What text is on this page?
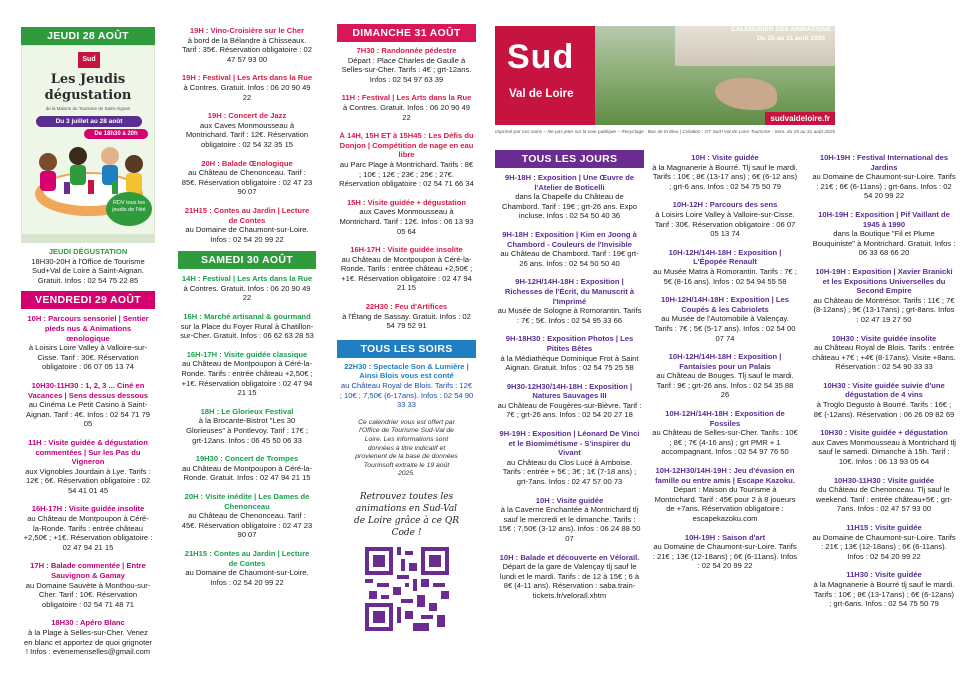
JEUDI 28 AOÛT
Sud
Les Jeudis
dégustation
de la Maison du Tourisme de Saint-Aignan
Du 3 juillet au 28 août
De 18h30 à 20h
RDV tous les jeudis de l'été
JEUDI DÉGUSTATION
18H30-20H à l'Office de Tourisme
Sud+Val de Loire à Saint-Aignan.
Gratuit. Infos : 02 54 75 22 85
VENDREDI 29 AOÛT
10H : Parcours sensoriel | Sentier pieds nus & Animations œnologique
à Loisirs Loire Valley à Valloire-sur-Cisse. Tarif : 30€. Réservation obligatoire : 06 07 05 13 74
10H30-11H30 : 1, 2, 3 ... Ciné en Vacances | Sens dessus dessous
au Cinéma Le Petit Casino à Saint-Aignan. Tarif : 4€. Infos : 02 54 71 79 05
11H : Visite guidée & dégustation commentées | Sur les Pas du Vigneron
aux Vignobles Jourdain à Lye. Tarifs : 12€ ; 6€. Réservation obligatoire : 02 54 41 01 45
16H-17H : Visite guidée insolite
au Château de Montpoupon à Céré-la-Ronde. Tarifs : entrée château +2,50€ ; +1€. Réservation obligatoire : 02 47 94 21 15
17H : Balade commentée | Entre Sauvignon & Gamay
au Domaine Sauvète à Monthou-sur-Cher. Tarif : 10€. Réservation obligatoire : 02 54 71 48 71
18H30 : Apéro Blanc
à la Plage à Selles-sur-Cher. Venez en blanc et apportez de quoi grignoter ! Infos : evenemenselles@gmail.com
19H : Vino-Croisière sur le Cher
à bord de la Bélandre à Chisseaux. Tarif : 35€. Réservation obligatoire : 02 47 57 93 00
19H : Festival | Les Arts dans la Rue
à Contres. Gratuit. Infos : 06 20 90 49 22
19H : Concert de Jazz
aux Caves Monmousseau à Montrichard. Tarif : 12€. Réservation obligatoire : 02 54 32 35 15
20H : Balade Œnologique
au Château de Chenonceau. Tarif : 85€. Réservation obligatoire : 02 47 23 90 07
21H15 : Contes au Jardin | Lecture de Contes
au Domaine de Chaumont-sur-Loire. Infos : 02 54 20 99 22
SAMEDI 30 AOÛT
14H : Festival | Les Arts dans la Rue
à Contres. Gratuit. Infos : 06 20 90 49 22
16H : Marché artisanal & gourmand
sur la Place du Foyer Rural à Chatillon-sur-Cher. Gratuit. Infos : 06 62 63 28 53
16H-17H : Visite guidée classique
au Château de Montpoupon à Céré-la-Ronde. Tarifs : entrée château +2,50€ ; +1€. Réservation obligatoire : 02 47 94 21 15
18H : Le Glorieux Festival
à la Brocante-Bistrot "Les 30 Glorieuses" à Pontlevoy. Tarif : 17€ ; grt-12ans. Infos : 06 45 50 06 33
19H30 : Concert de Trompes
au Château de Montpoupon à Céré-la-Ronde. Gratuit. Infos : 02 47 94 21 15
20H : Visite inédite | Les Dames de Chenonceau
au Château de Chenonceau. Tarif : 45€. Réservation obligatoire : 02 47 23 90 07
21H15 : Contes au Jardin | Lecture de Contes
au Domaine de Chaumont-sur-Loire. Infos : 02 54 20 99 22
DIMANCHE 31 AOÛT
7H30 : Randonnée pédestre
Départ : Place Charles de Gaulle à Selles-sur-Cher. Tarifs : 4€ ; grt-12ans. Infos : 02 54 97 63 39
11H : Festival | Les Arts dans la Rue
à Contres. Gratuit. Infos : 06 20 90 49 22
À 14H, 15H ET à 15H45 : Les Défis du Donjon | Compétition de nage en eau libre
au Parc Plage à Montrichard. Tarifs : 8€ ; 10€ ; 12€ ; 23€ ; 25€ ; 27€. Réservation obligatoire : 02 54 71 66 34
15H : Visite guidée + dégustation
aux Caves Monmousseau à Montrichard. Tarif : 12€. Infos : 06 13 93 05 64
16H-17H : Visite guidée insolite
au Château de Montpoupon à Céré-la-Ronde. Tarifs : entrée château +2,50€ ; +1€. Réservation obligatoire : 02 47 94 21 15
22H30 : Feu d'Artifices
à l'Étang de Sassay. Gratuit. Infos : 02 54 79 52 91
TOUS LES SOIRS
22H30 : Spectacle Son & Lumière | Ainsi Blois vous est conté
au Château Royal de Blois. Tarifs : 12€ ; 10€ ; 7,50€ (6-17ans). Infos : 02 54 90 33 33
Ce calendrier vous est offert par l'Office de Tourisme Sud-Val de Loire. Les informations sont données à titre indicatif et provienent de la base de données Tourinsoft extraite le 19 août 2025.
Retrouvez toutes les animations en Sud-Val de Loire grâce à ce QR Code !
Sud
Val de Loire
CALENDRIER DES ANIMATIONS
Du 25 au 31 août 2025
sudvaldeloire.fr
Imprimé par nos soins – Ne pas jeter sur la voie publique – Recyclage : Bac de tri bleu | Création : OT Sud+Val de Loire Tourisme - Sem. du 25 au 31 août 2025
TOUS LES JOURS
9H-18H : Exposition | Une Œuvre de l'Atelier de Boticelli
dans la Chapelle du Château de Chambord. Tarif : 19€ ; grt-26 ans. Expo incluse. Infos : 02 54 50 40 36
9H-18H : Exposition | Kim en Joong à Chambord - Couleurs de l'Invisible
au Château de Chambord. Tarif : 19€ grt-26 ans. Infos : 02 54 50 50 40
9H-12H/14H-18H : Exposition | Richesses de l'Écrit, du Manuscrit à l'Imprimé
au Musée de Sologne à Romorantin. Tarifs : 7€ ; 5€. Infos : 02 54 95 33 66
9H-18H30 : Exposition Photos | Les Pitites Bêtes
à la Médiathèque Dominique Frot à Saint Aignan. Gratuit. Infos : 02 54 75 25 58
9H30-12H30/14H-18H : Exposition | Natures Sauvages III
au Château de Fougères-sur-Bièvre. Tarif : 7€ ; grt-26 ans. Infos : 02 54 20 27 18
9H-19H : Exposition | Léonard De Vinci et le Biomimétisme - S'inspirer du Vivant
au Château du Clos Lucé à Amboise. Tarifs : entrée + 5€ ; 3€ ; 1€ (7-18 ans) ; grt-7ans. Infos : 02 47 57 00 73
10H : Visite guidée
à la Caverne Enchantée à Montrichard tlj sauf le mercredi et le dimanche. Tarifs : 15€ ; 7,50€ (3-12 ans). Infos : 06 24 88 50 07
10H : Balade et découverte en Véloraïl.
Départ de la gare de Valençay tlj sauf le lundi et le mardi. Tarifs : de 12 à 15€ ; 6 à 8€ (4-11 ans). Réservation : saba.train-tickets.fr/veloraïl.xhtm
10H : Visite guidée
à la Magnanerie à Bourré. Tlj sauf le mardi. Tarifs : 10€ ; 8€ (13-17 ans) ; 6€ (6-12 ans) ; grt-6 ans. Infos : 02 54 75 50 79
10H-12H : Parcours des sens
à Loisirs Loire Valley à Valloire-sur-Cisse. Tarif : 30€. Réservation obligatoire : 06 07 05 13 74
10H-12H/14H-18H : Exposition | L'Épopée Renault
au Musée Matra à Romorantin. Tarifs : 7€ ; 5€ (8-16 ans). Infos : 02 54 94 55 58
10H-12H/14H-18H : Exposition | Les Coupés & les Cabriolets
au Musée de l'Automobile à Valençay. Tarifs : 7€ ; 5€ (5-17 ans). Infos : 02 54 00 07 74
10H-12H/14H-18H : Exposition | Fantaisies pour un Palais
au Château de Bouges. Tlj sauf le mardi. Tarif : 9€ ; grt-26 ans. Infos : 02 54 35 88 26
10H-12H/14H-18H : Exposition de Fossiles
au Château de Selles-sur-Cher. Tarifs : 10€ ; 8€ ; 7€ (4-16 ans) ; grt PMR + 1 accompagnant. Infos : 02 54 97 76 50
10H-12H30/14H-19H : Jeu d'évasion en famille ou entre amis | Escape Kazoku.
Départ : Maison du Tourisme à Montrichard. Tarif : 45€ pour 2 à 8 joueurs de +7ans. Réservation obligatoire : escapekazoku.com
10H-19H : Saison d'art
au Domaine de Chaumont-sur-Loire. Tarifs : 21€ ; 13€ (12-18ans) ; 6€ (6-11ans). Infos : 02 54 20 99 22
10H-19H : Festival International des Jardins
au Domaine de Chaumont-sur-Loire. Tarifs : 21€ ; 6€ (6-11ans) ; grt-6ans. Infos : 02 54 20 99 22
10H-19H : Exposition | Pif Vaillant de 1945 à 1990
dans la Boutique "Fil et Plume Bouquiniste" à Montrichard. Gratuit. Infos : 06 33 68 66 20
10H-19H : Exposition | Xavier Branicki et les Expositions Universelles du Second Empire
au Château de Montrésor. Tarifs : 11€ ; 7€ (8-12ans) ; 9€ (13-17ans) ; grt-8ans. Infos : 02 47 19 27 50
10H30 : Visite guidée insolite
au Château Royal de Blois. Tarifs : entrée château +7€ ; +4€ (8-17ans). Visite +8ans. Réservation : 02 54 90 33 33
10H30 : Visite guidée suivie d'une dégustation de 4 vins
à Troglo Degusto à Bourré. Tarifs : 16€ ; 8€ (-12ans). Réservation : 06 26 09 82 69
10H30 : Visite guidée + dégustation
aux Caves Monmousseau à Montrichard tlj sauf le samedi. Dimanche à 15h. Tarif : 10€. Infos : 06 13 93 05 64
10H30-11H30 : Visite guidée
du Château de Chenonceau. Tlj sauf le weekend. Tarif : entrée château+5€ ; grt-7ans. Infos : 02 47 57 93 00
11H15 : Visite guidée
au Domaine de Chaumont-sur-Loire. Tarifs : 21€ ; 13€ (12-18ans) ; 6€ (6-11ans). Infos : 02 54 20 99 22
11H30 : Visite guidée
à la Magnanerie à Bourré tlj sauf le mardi. Tarifs : 10€ ; 8€ (13-17ans) ; 6€ (6-12ans) ; grt-6ans. Infos : 02 54 75 50 79
